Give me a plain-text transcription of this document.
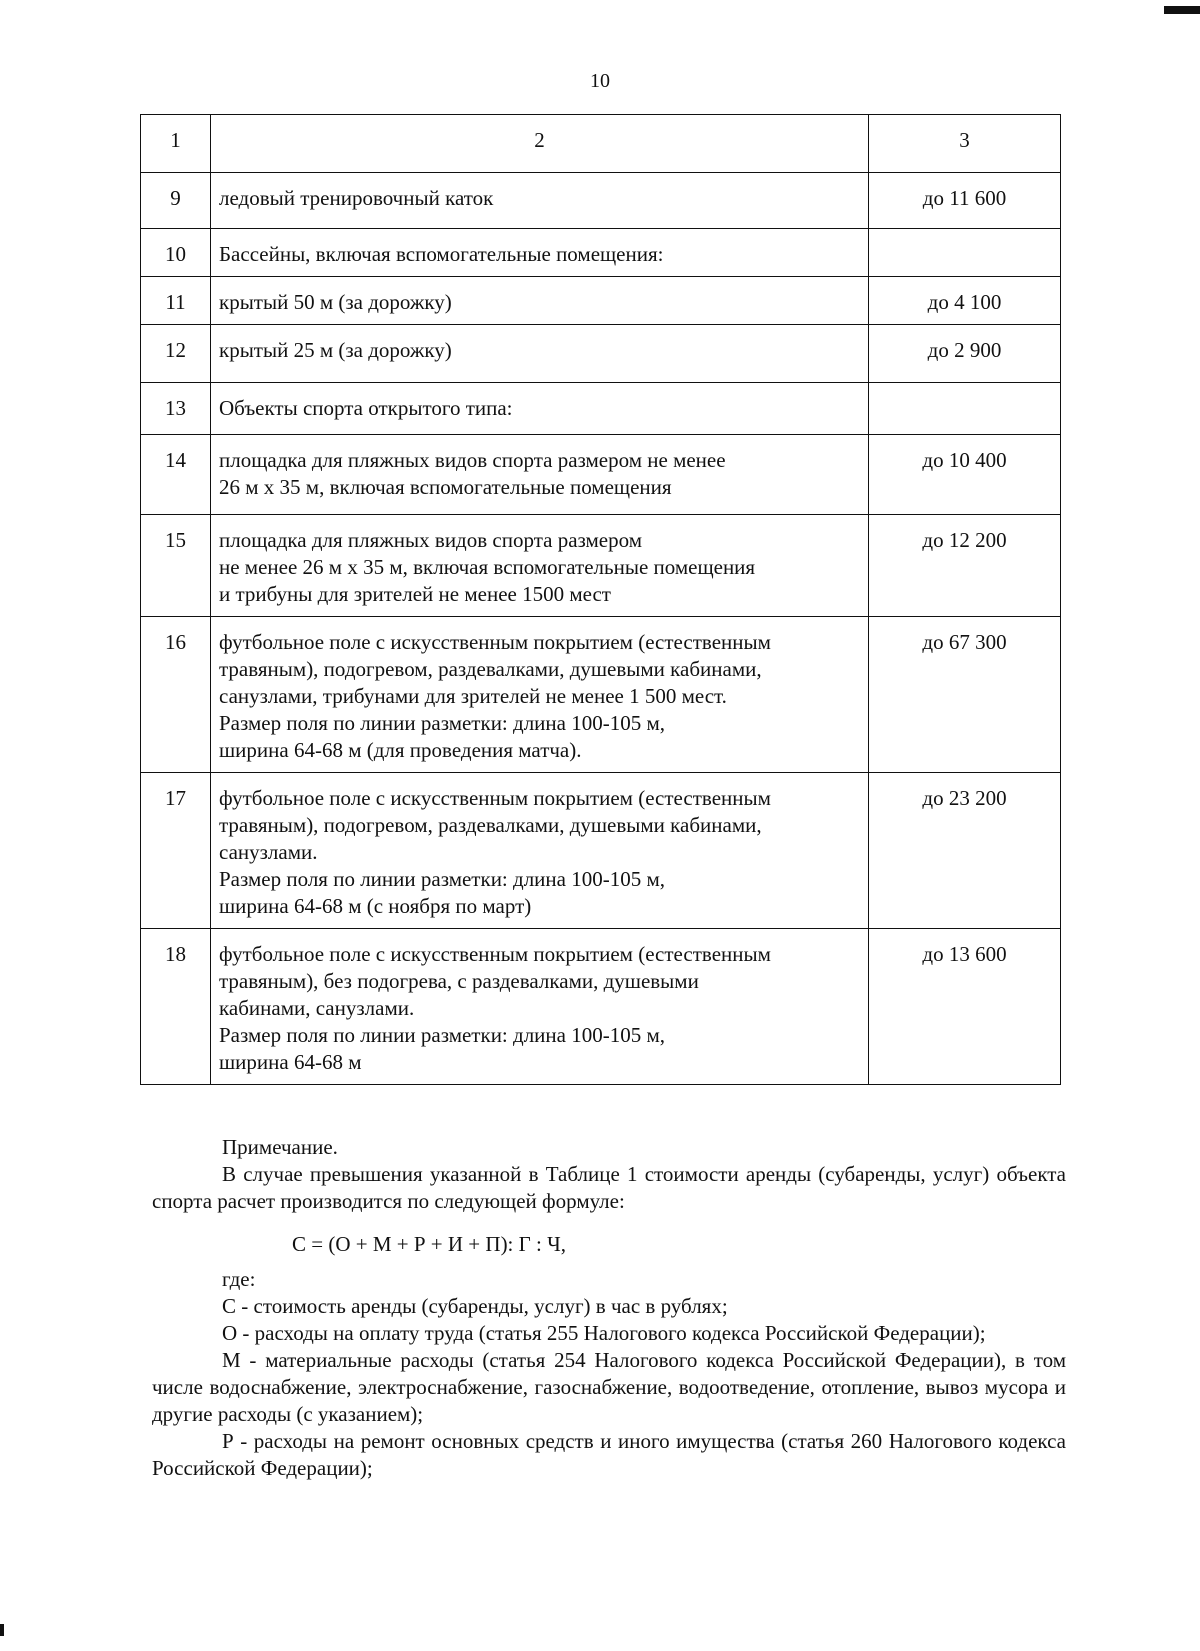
10
1	2	3
9	ледовый тренировочный каток	до 11 600
10	Бассейны, включая вспомогательные помещения:	

11	крытый 50 м (за дорожку)	до 4 100
12	крытый 25 м (за дорожку)	до 2 900
13	Объекты спорта открытого типа:	

14	площадка для пляжных видов спорта размером не менее
26 м х 35 м, включая вспомогательные помещения	до 10 400
15	площадка для пляжных видов спорта размером
не менее 26 м х 35 м, включая вспомогательные помещения
и трибуны для зрителей не менее 1500 мест	до 12 200
16	футбольное поле с искусственным покрытием (естественным
травяным), подогревом, раздевалками, душевыми кабинами,
санузлами, трибунами для зрителей не менее 1 500 мест.
Размер поля по линии разметки: длина 100-105 м,
ширина 64-68 м (для проведения матча).	до 67 300
17	футбольное поле с искусственным покрытием (естественным
травяным), подогревом, раздевалками, душевыми кабинами,
санузлами.
Размер поля по линии разметки: длина 100-105 м,
ширина 64-68 м (с ноября по март)	до 23 200
18	футбольное поле с искусственным покрытием (естественным
травяным), без подогрева, с раздевалками, душевыми
кабинами, санузлами.
Размер поля по линии разметки: длина 100-105 м,
ширина 64-68 м	до 13 600

Примечание.

В случае превышения указанной в Таблице 1 стоимости аренды (субаренды, услуг) объекта спорта расчет производится по следующей формуле:

С = (О + М + Р + И + П): Г : Ч,

где:

С - стоимость аренды (субаренды, услуг) в час в рублях;

О - расходы на оплату труда (статья 255 Налогового кодекса Российской Федерации);

М - материальные расходы (статья 254 Налогового кодекса Российской Федерации), в том числе водоснабжение, электроснабжение, газоснабжение, водоотведение, отопление, вывоз мусора и другие расходы (с указанием);

Р - расходы на ремонт основных средств и иного имущества (статья 260 Налогового кодекса Российской Федерации);
